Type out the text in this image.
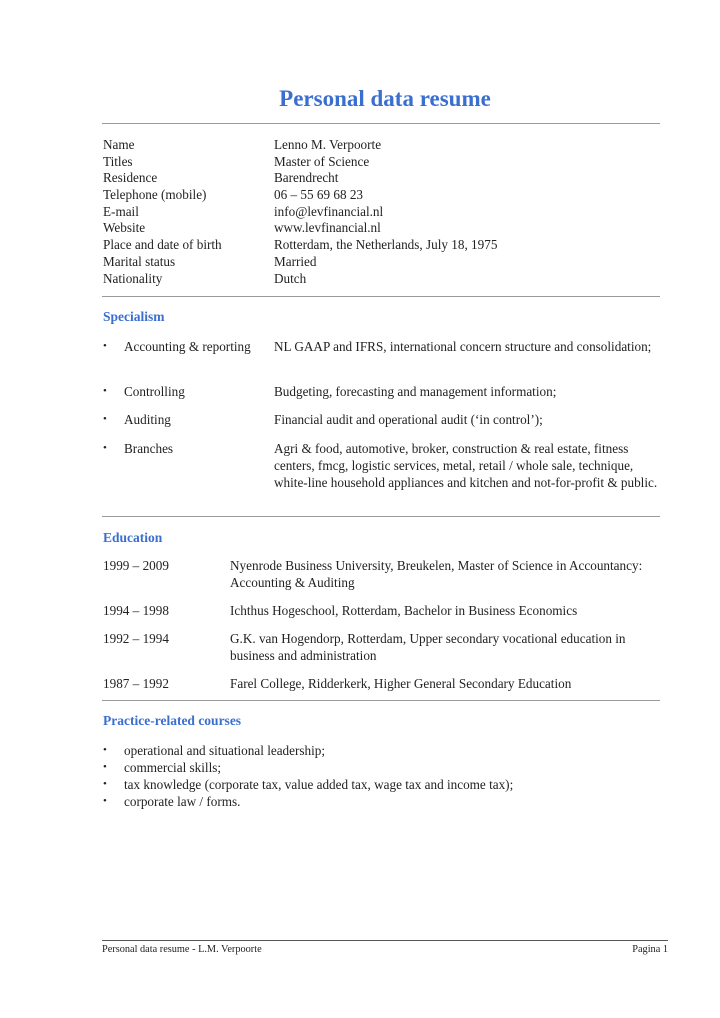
Personal data resume
Name	Lenno M. Verpoorte
Titles	Master of Science
Residence	Barendrecht
Telephone (mobile)	06 – 55 69 68 23
E-mail	info@levfinancial.nl
Website	www.levfinancial.nl
Place and date of birth	Rotterdam, the Netherlands, July 18, 1975
Marital status	Married
Nationality	Dutch
Specialism
•	Accounting & reporting	NL GAAP and IFRS, international concern structure and consolidation;
•	Controlling	Budgeting, forecasting and management information;
•	Auditing	Financial audit and operational audit (‘in control’);
•	Branches	Agri & food, automotive, broker, construction & real estate, fitness centers, fmcg, logistic services, metal, retail / whole sale, technique, white-line household appliances and kitchen and not-for-profit & public.
Education
1999 – 2009	Nyenrode Business University, Breukelen, Master of Science in Accountancy: Accounting & Auditing
1994 – 1998	Ichthus Hogeschool, Rotterdam, Bachelor in Business Economics
1992 – 1994	G.K. van Hogendorp, Rotterdam, Upper secondary vocational education in business and administration
1987 – 1992	Farel College, Ridderkerk, Higher General Secondary Education
Practice-related courses
•	operational and situational leadership;
•	commercial skills;
•	tax knowledge (corporate tax, value added tax, wage tax and income tax);
•	corporate law / forms.
Personal data resume - L.M. Verpoorte	Pagina 1
